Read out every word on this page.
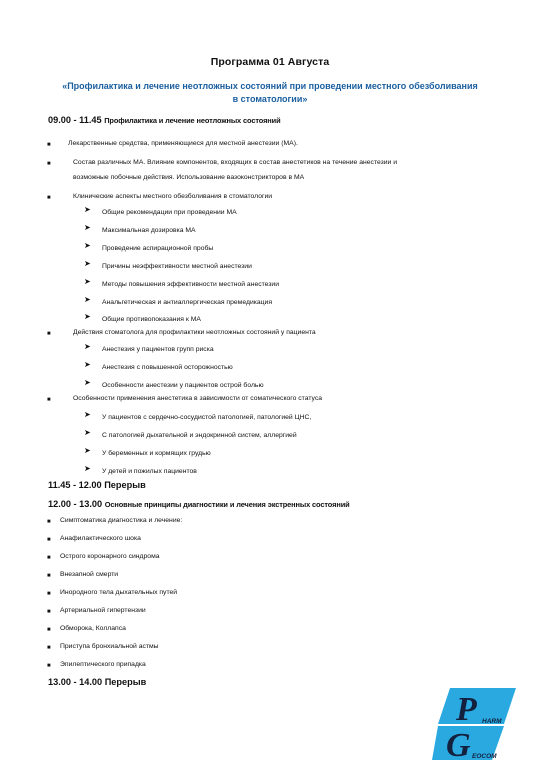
Программа 01 Августа
«Профилактика и лечение неотложных состояний при проведении местного обезболивания в стоматологии»
09.00 - 11.45 Профилактика и лечение неотложных состояний
■	Лекарственные средства, применяющиеся для местной анестезии (МА).
■	Состав различных МА. Влияние компонентов, входящих в состав анестетиков на течение анестезии и
возможные побочные действия. Использование вазоконстрикторов в МА
■	Клинические аспекты местного обезболивания в стоматологии
➤ Общие рекомендации при проведении МА
➤ Максимальная дозировка МА
➤ Проведение аспирационной пробы
➤ Причины неэффективности местной анестезии
➤ Методы повышения эффективности местной анестезии
➤ Анальгетическая и антиаллергическая премедикация
➤ Общие противопоказания к МА
■	Действия стоматолога для профилактики неотложных состояний у пациента
➤ Анестезия у пациентов групп риска
➤ Анестезия с повышенной осторожностью
➤ Особенности анестезии у пациентов острой болью
■	Особенности применения анестетика в зависимости от соматического статуса
➤ У пациентов с сердечно-сосудистой патологией, патологией ЦНС,
➤ С патологией дыхательной и эндокринной систем, аллергией
➤ У беременных и кормящих грудью
➤ У детей и пожилых пациентов
11.45 - 12.00 Перерыв
12.00 - 13.00 Основные принципы диагностики и лечения экстренных состояний
■ Симптоматика диагностика и лечение:
■ Анафилактического шока
■ Острого коронарного синдрома
■ Внезапной смерти
■ Инородного тела дыхательных путей
■ Артериальной гипертензии
■ Обморока, Коллапса
■ Приступа бронхиальной астмы
■ Эпилептического припадка
13.00 - 14.00 Перерыв
P HARM
G EOCOM
